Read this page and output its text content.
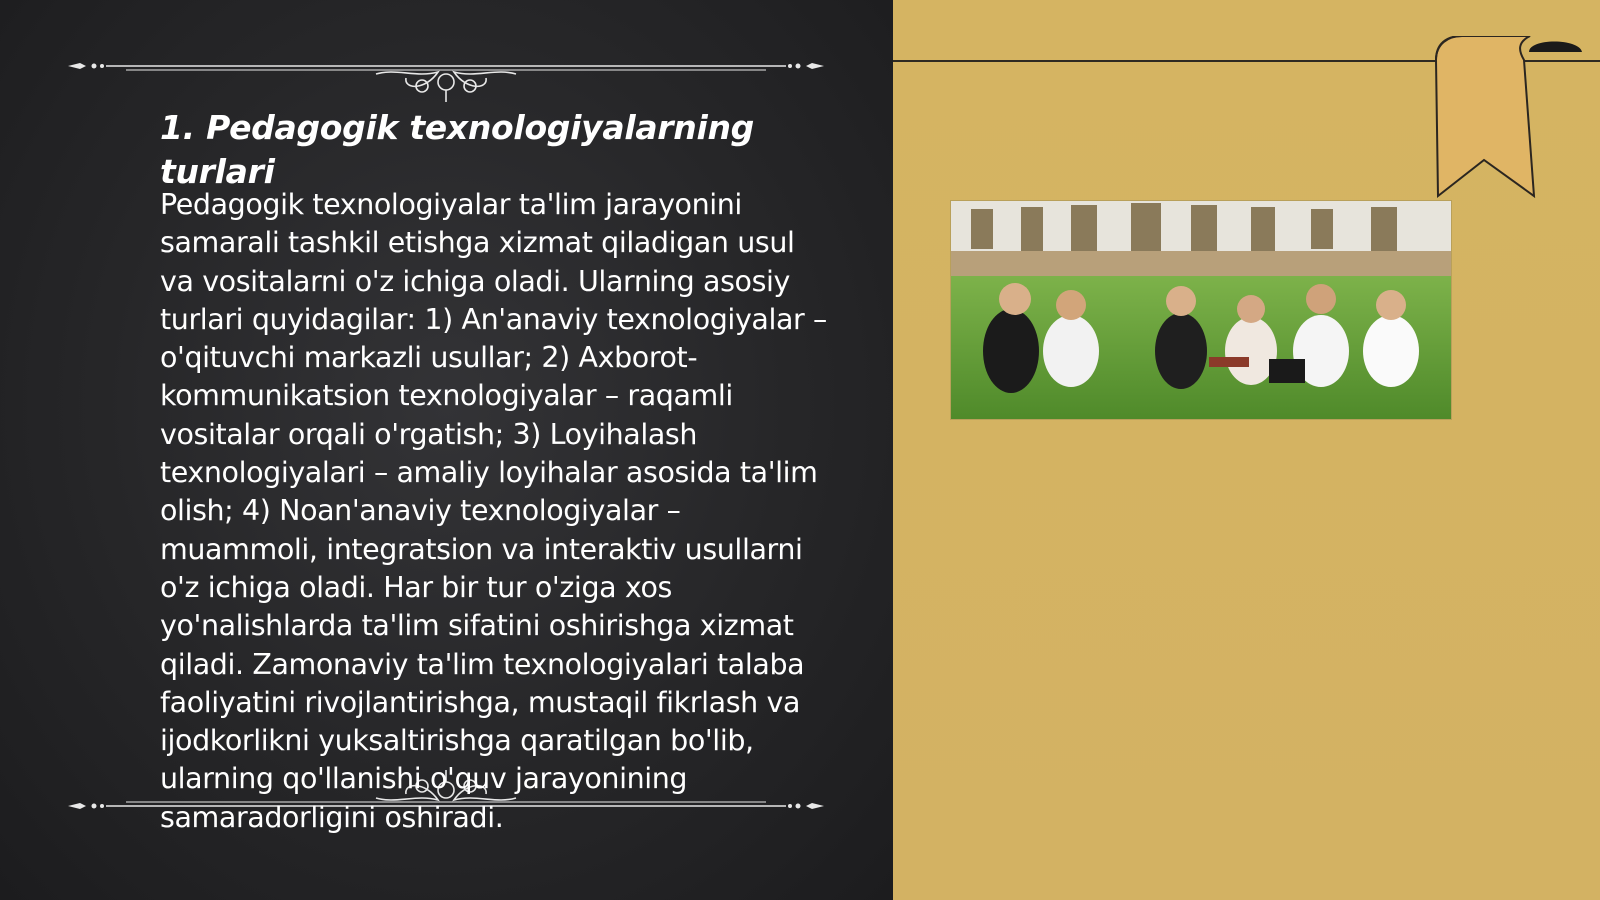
1. Pedagogik texnologiyalarning turlari

Pedagogik texnologiyalar ta'lim jarayonini samarali tashkil etishga xizmat qiladigan usul va vositalarni o'z ichiga oladi. Ularning asosiy turlari quyidagilar: 1) An'anaviy texnologiyalar – o'qituvchi markazli usullar; 2) Axborot-kommunikatsion texnologiyalar – raqamli vositalar orqali o'rgatish; 3) Loyihalash texnologiyalari – amaliy loyihalar asosida ta'lim olish; 4) Noan'anaviy texnologiyalar – muammoli, integratsion va interaktiv usullarni o'z ichiga oladi. Har bir tur o'ziga xos yo'nalishlarda ta'lim sifatini oshirishga xizmat qiladi. Zamonaviy ta'lim texnologiyalari talaba faoliyatini rivojlantirishga, mustaqil fikrlash va ijodkorlikni yuksaltirishga qaratilgan bo'lib, ularning qo'llanishi o'quv jarayonining samaradorligini oshiradi.
